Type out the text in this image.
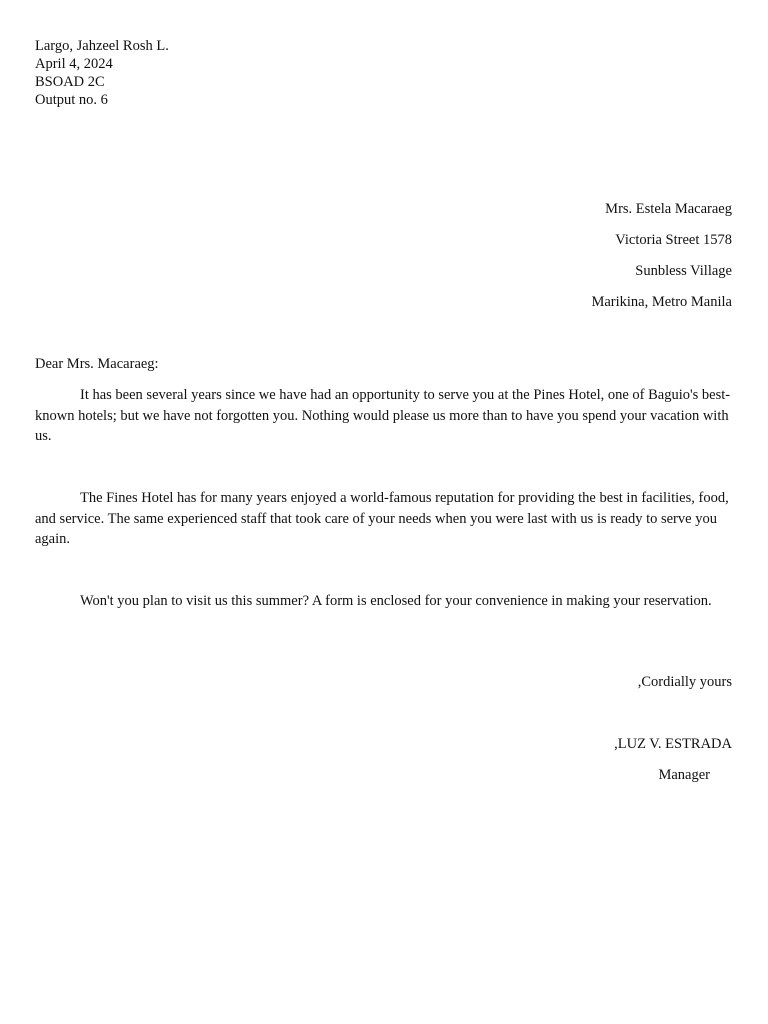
Largo, Jahzeel Rosh L.
April 4, 2024
BSOAD 2C
Output no. 6
Mrs. Estela Macaraeg
Victoria Street 1578
Sunbless Village
Marikina, Metro Manila
Dear Mrs. Macaraeg:

It has been several years since we have had an opportunity to serve you at the Pines Hotel, one of Baguio's best-known hotels; but we have not forgotten you. Nothing would please us more than to have you spend your vacation with us.

The Fines Hotel has for many years enjoyed a world-famous reputation for providing the best in facilities, food, and service. The same experienced staff that took care of your needs when you were last with us is ready to serve you again.

Won't you plan to visit us this summer? A form is enclosed for your convenience in making your reservation.

,Cordially yours
,LUZ V. ESTRADA
Manager
